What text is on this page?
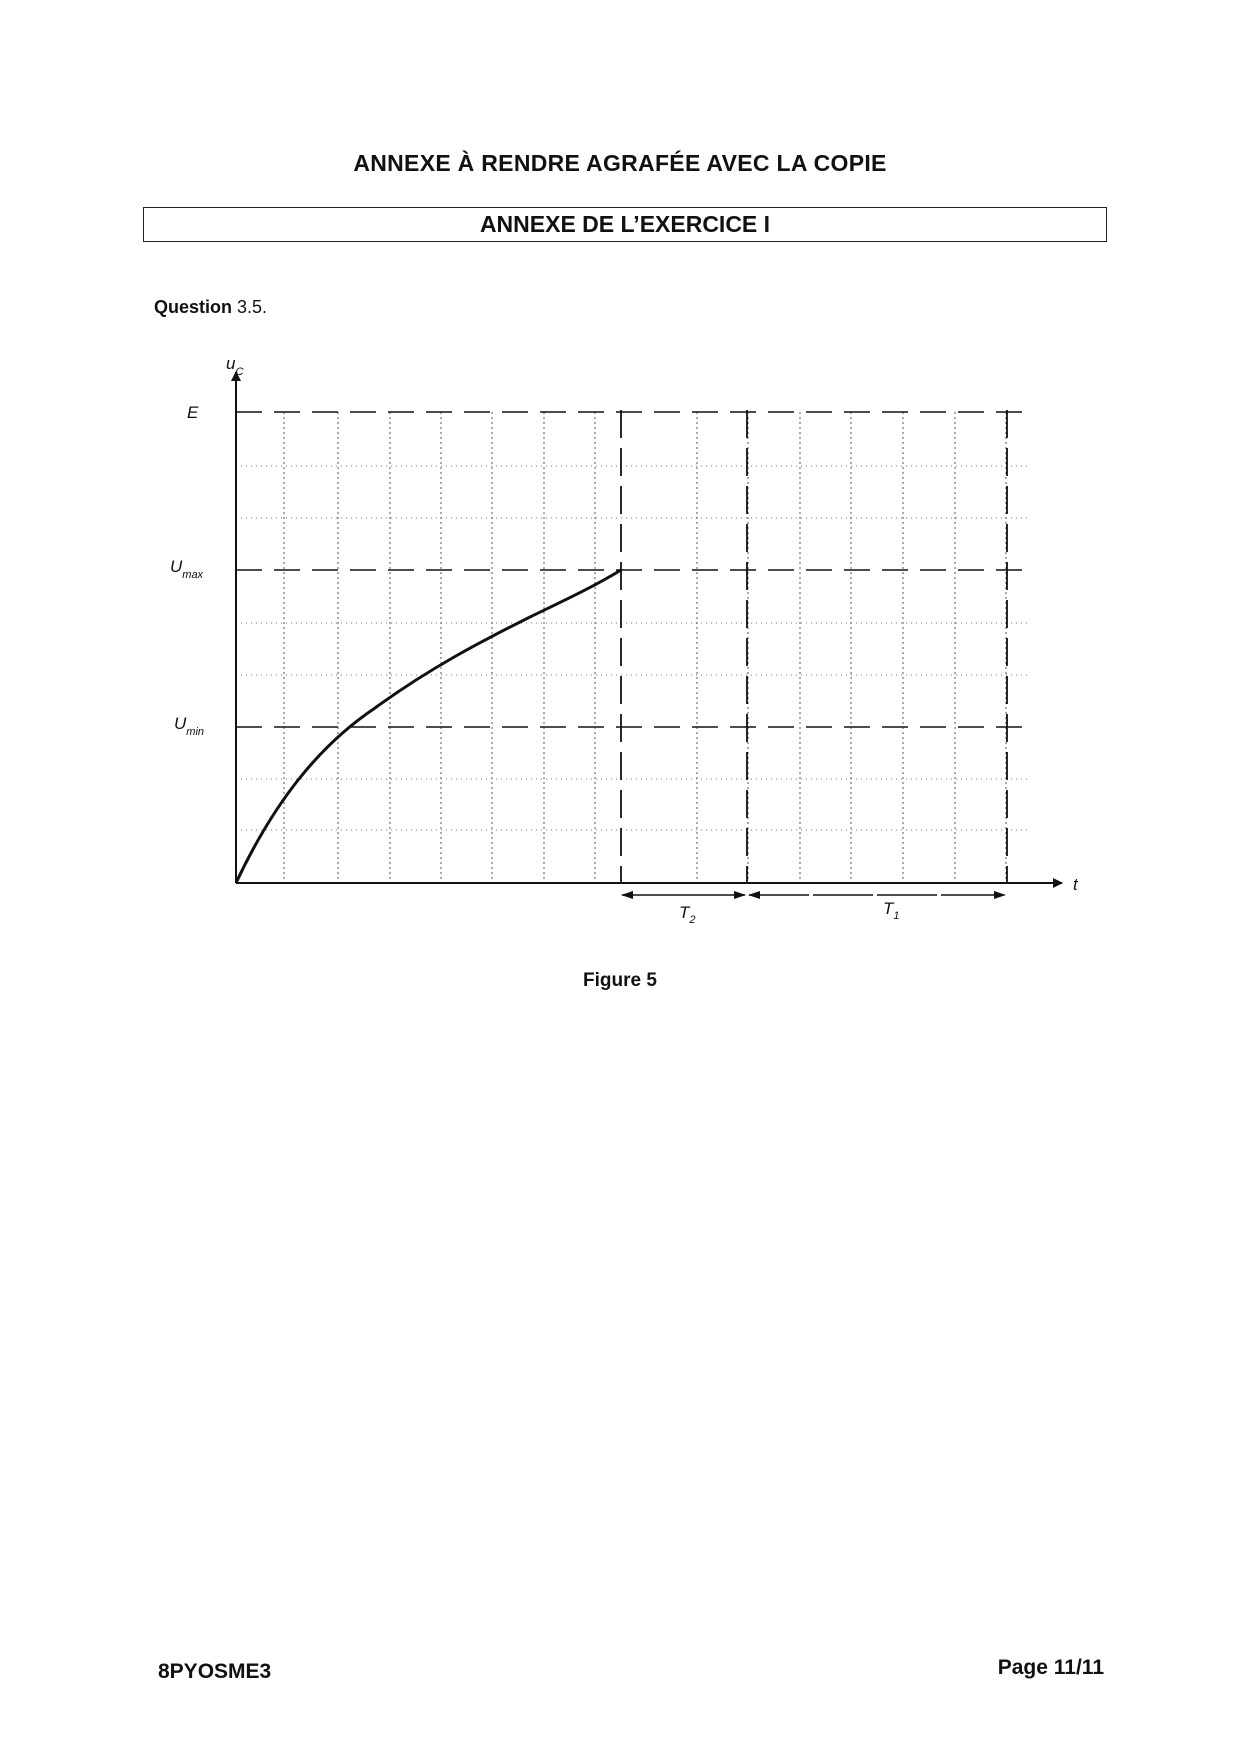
ANNEXE À RENDRE AGRAFÉE AVEC LA COPIE
ANNEXE DE L’EXERCICE I
Question 3.5.
$u_C$
t
E
$U_{max}$
$U_{min}$
$T_2$
$T_1$
Figure 5
8PYOSME3	Page 11/11
